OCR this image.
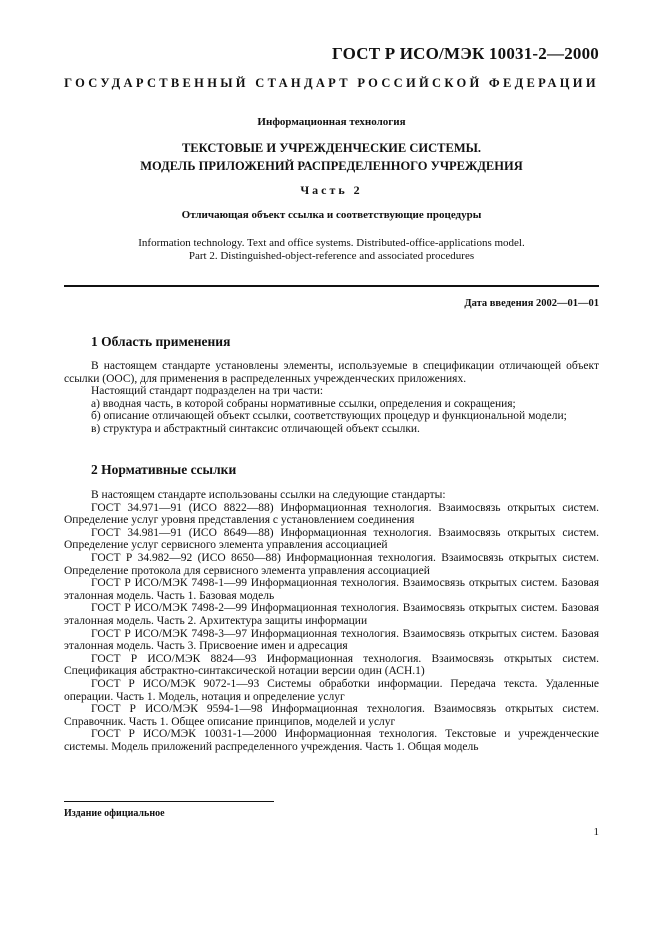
ГОСТ Р ИСО/МЭК 10031-2—2000
ГОСУДАРСТВЕННЫЙ СТАНДАРТ РОССИЙСКОЙ ФЕДЕРАЦИИ
Информационная технология
ТЕКСТОВЫЕ И УЧРЕЖДЕНЧЕСКИЕ СИСТЕМЫ.
МОДЕЛЬ ПРИЛОЖЕНИЙ РАСПРЕДЕЛЕННОГО УЧРЕЖДЕНИЯ
Часть 2
Отличающая объект ссылка и соответствующие процедуры
Information technology. Text and office systems. Distributed-office-applications model.
Part 2. Distinguished-object-reference and associated procedures
Дата введения 2002—01—01
1 Область применения

В настоящем стандарте установлены элементы, используемые в спецификации отличающей объект ссылки (ООС), для применения в распределенных учрежденческих приложениях.

Настоящий стандарт подразделен на три части:

а) вводная часть, в которой собраны нормативные ссылки, определения и сокращения;

б) описание отличающей объект ссылки, соответствующих процедур и функциональной модели;

в) структура и абстрактный синтаксис отличающей объект ссылки.

2 Нормативные ссылки

В настоящем стандарте использованы ссылки на следующие стандарты:

ГОСТ 34.971—91 (ИСО 8822—88) Информационная технология. Взаимосвязь открытых систем. Определение услуг уровня представления с установлением соединения

ГОСТ 34.981—91 (ИСО 8649—88) Информационная технология. Взаимосвязь открытых систем. Определение услуг сервисного элемента управления ассоциацией

ГОСТ Р 34.982—92 (ИСО 8650—88) Информационная технология. Взаимосвязь открытых систем. Определение протокола для сервисного элемента управления ассоциацией

ГОСТ Р ИСО/МЭК 7498-1—99 Информационная технология. Взаимосвязь открытых систем. Базовая эталонная модель. Часть 1. Базовая модель

ГОСТ Р ИСО/МЭК 7498-2—99 Информационная технология. Взаимосвязь открытых систем. Базовая эталонная модель. Часть 2. Архитектура защиты информации

ГОСТ Р ИСО/МЭК 7498-3—97 Информационная технология. Взаимосвязь открытых систем. Базовая эталонная модель. Часть 3. Присвоение имен и адресация

ГОСТ Р ИСО/МЭК 8824—93 Информационная технология. Взаимосвязь открытых систем. Спецификация абстрактно-синтаксической нотации версии один (АСН.1)

ГОСТ Р ИСО/МЭК 9072-1—93 Системы обработки информации. Передача текста. Удаленные операции. Часть 1. Модель, нотация и определение услуг

ГОСТ Р ИСО/МЭК 9594-1—98 Информационная технология. Взаимосвязь открытых систем. Справочник. Часть 1. Общее описание принципов, моделей и услуг

ГОСТ Р ИСО/МЭК 10031-1—2000 Информационная технология. Текстовые и учрежденческие системы. Модель приложений распределенного учреждения. Часть 1. Общая модель

Издание официальное
1
